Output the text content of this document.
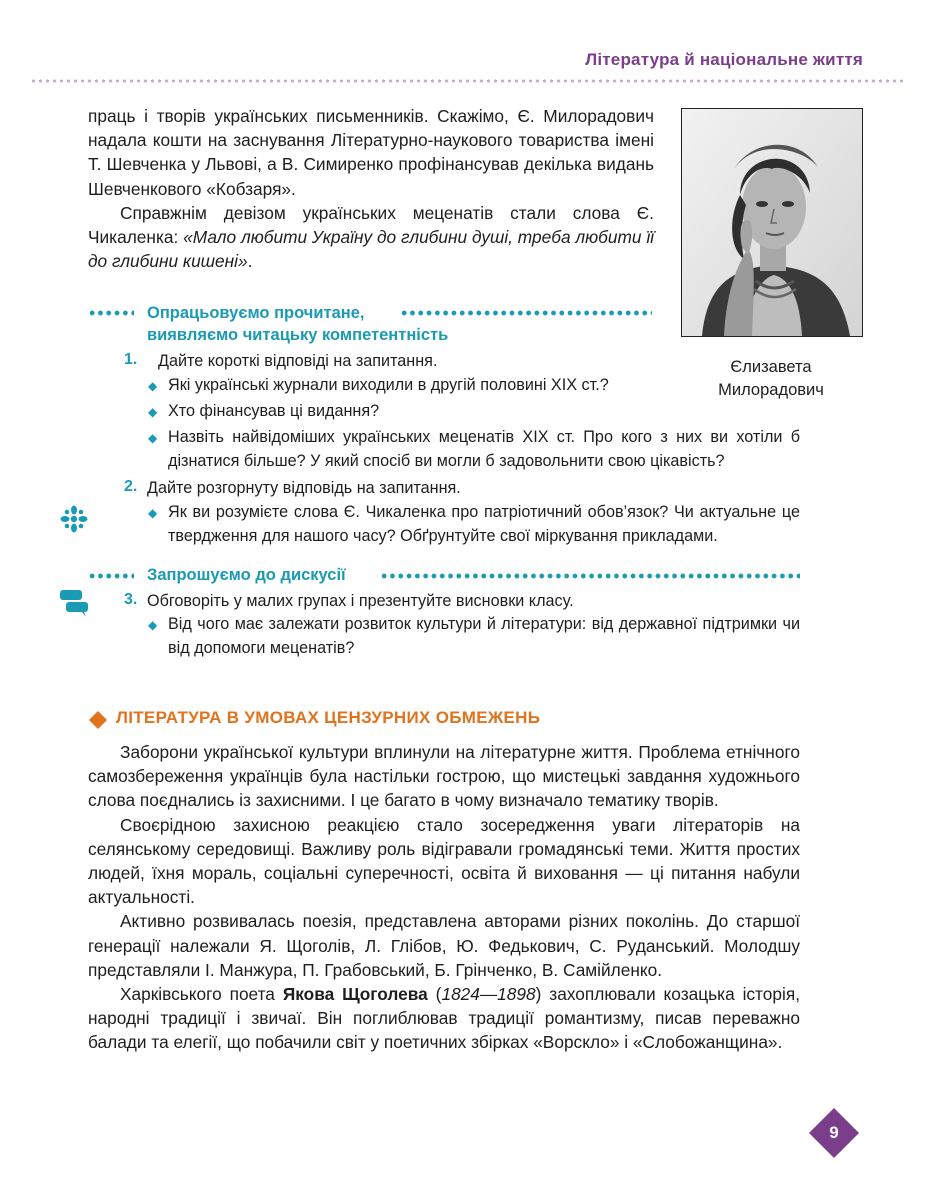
Література й національне життя

праць і творів українських письменників. Скажімо, Є. Милорадович надала кошти на заснування Літературно-наукового товариства імені Т. Шевченка у Львові, а В. Симиренко профінансував декілька видань Шевченкового «Кобзаря».

Справжнім девізом українських меценатів стали слова Є. Чикаленка: «Мало любити Україну до глибини душі, треба любити її до глибини кишені».

Єлизавета
Милорадович
Опрацьовуємо прочитане,
виявляємо читацьку компетентність
1. Дайте короткі відповіді на запитання.
◆ Які українські журнали виходили в другій половині XIX ст.?
◆ Хто фінансував ці видання?
◆ Назвіть найвідоміших українських меценатів XIX ст. Про кого з них ви хотіли б дізнатися більше? У який спосіб ви могли б задовольнити свою цікавість?
2. Дайте розгорнуту відповідь на запитання.
◆ Як ви розумієте слова Є. Чикаленка про патріотичний обов’язок? Чи актуальне це твердження для нашого часу? Обґрунтуйте свої міркування прикладами.
Запрошуємо до дискусії
3. Обговоріть у малих групах і презентуйте висновки класу.
◆ Від чого має залежати розвиток культури й літератури: від державної підтримки чи від допомоги меценатів?
ЛІТЕРАТУРА В УМОВАХ ЦЕНЗУРНИХ ОБМЕЖЕНЬ

Заборони української культури вплинули на літературне життя. Проблема етнічного самозбереження українців була настільки гострою, що мистецькі завдання художнього слова поєднались із захисними. І це багато в чому визначало тематику творів.

Своєрідною захисною реакцією стало зосередження уваги літераторів на селянському середовищі. Важливу роль відігравали громадянські теми. Життя простих людей, їхня мораль, соціальні суперечності, освіта й виховання — ці питання набули актуальності.

Активно розвивалась поезія, представлена авторами різних поколінь. До старшої генерації належали Я. Щоголів, Л. Глібов, Ю. Федькович, С. Руданський. Молодшу представляли І. Манжура, П. Грабовський, Б. Грінченко, В. Самійленко.

Харківського поета Якова Щоголева (1824—1898) захоплювали козацька історія, народні традиції і звичаї. Він поглиблював традиції романтизму, писав переважно балади та елегії, що побачили світ у поетичних збірках «Ворскло» і «Слобожанщина».

9
